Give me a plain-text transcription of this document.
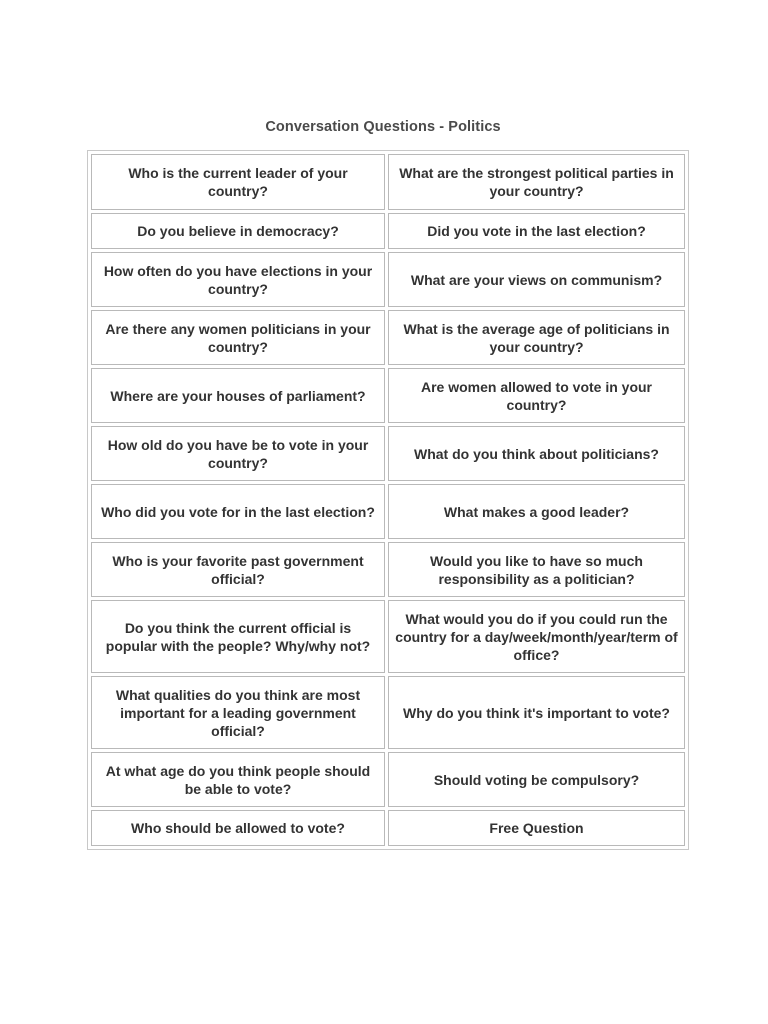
Conversation Questions - Politics
Who is the current leader of your country?	What are the strongest political parties in your country?
Do you believe in democracy?	Did you vote in the last election?
How often do you have elections in your country?	What are your views on communism?
Are there any women politicians in your country?	What is the average age of politicians in your country?
Where are your houses of parliament?	Are women allowed to vote in your country?
How old do you have be to vote in your country?	What do you think about politicians?
Who did you vote for in the last election?	What makes a good leader?
Who is your favorite past government official?	Would you like to have so much responsibility as a politician?
Do you think the current official is popular with the people? Why/why not?	What would you do if you could run the country for a day/week/month/year/term of office?
What qualities do you think are most important for a leading government official?	Why do you think it's important to vote?
At what age do you think people should be able to vote?	Should voting be compulsory?
Who should be allowed to vote?	Free Question
